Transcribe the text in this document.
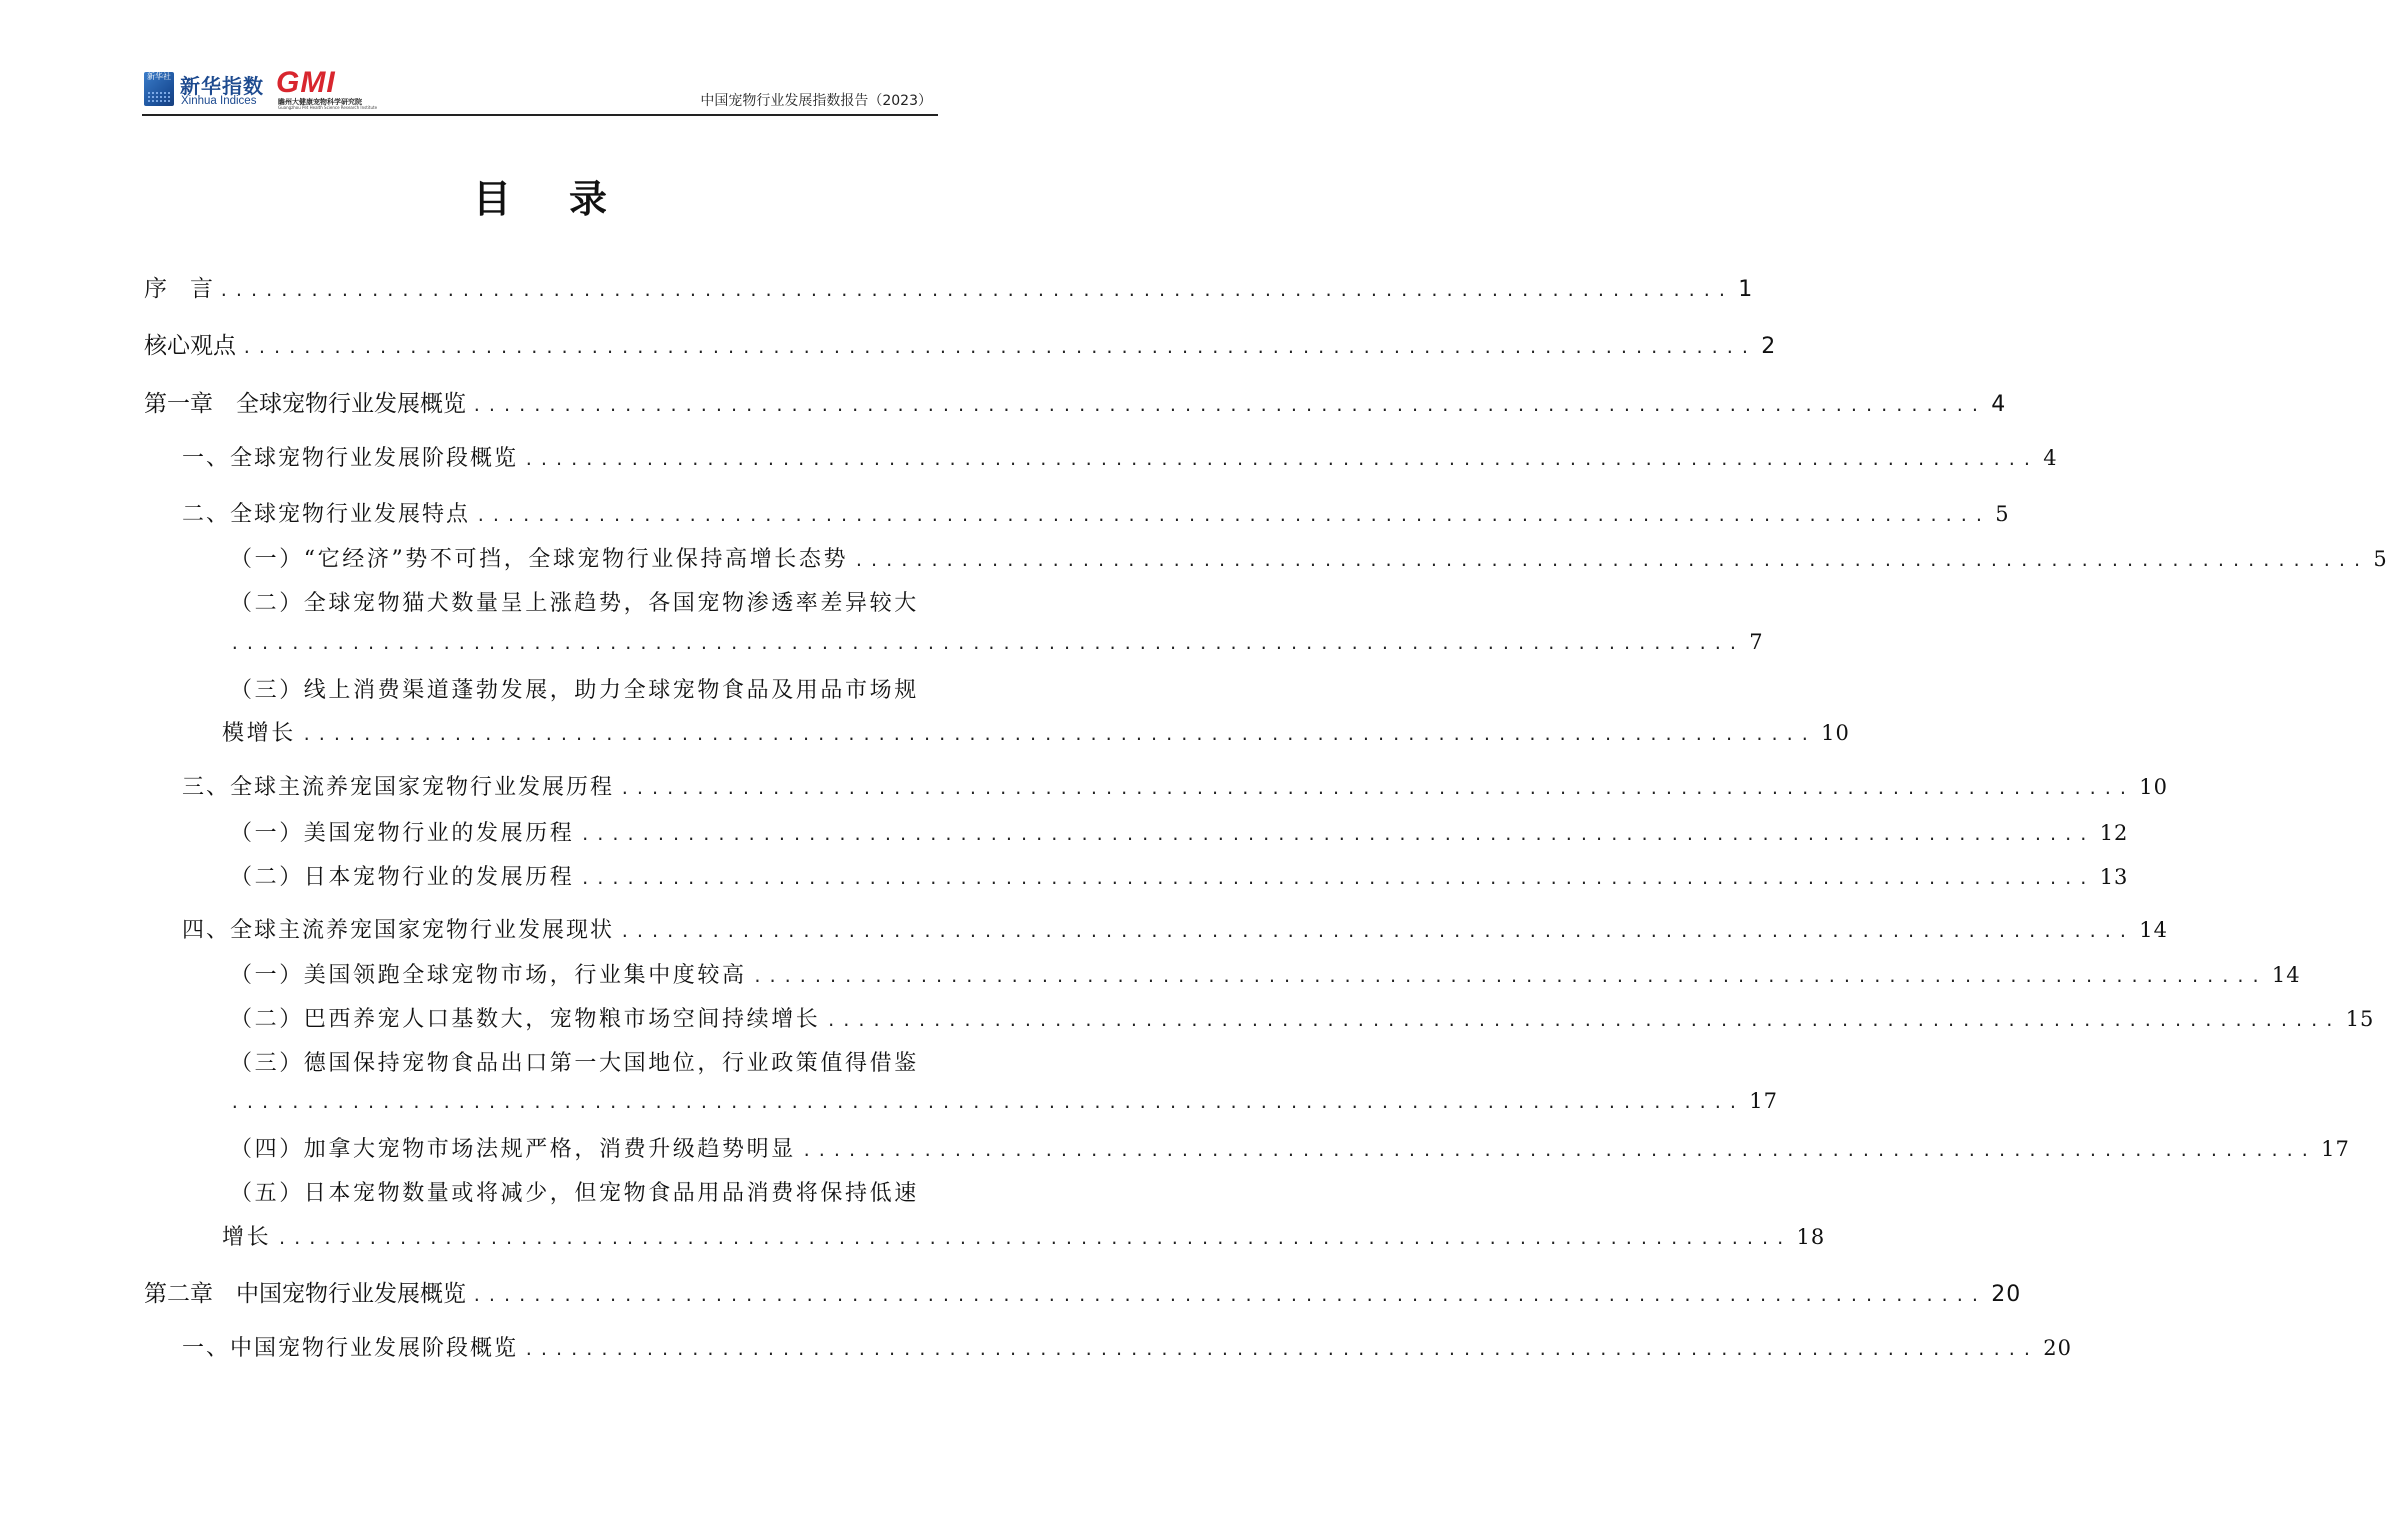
新华社 新华指数
Xinhua Indices
GMI
瞻州大健康宠物科学研究院
Guangzhou Pet Health Science Research Institute	中国宠物行业发展指数报告（2023）
目录
序　言 .................................................................................................... 1
核心观点 .................................................................................................... 2
第一章　全球宠物行业发展概览 .................................................................................................... 4
一、全球宠物行业发展阶段概览 .................................................................................................... 4
二、全球宠物行业发展特点 .................................................................................................... 5
（一）“它经济”势不可挡，全球宠物行业保持高增长态势 .................................................................................................... 5
（二）全球宠物猫犬数量呈上涨趋势，各国宠物渗透率差异较大
.................................................................................................... 7
（三）线上消费渠道蓬勃发展，助力全球宠物食品及用品市场规
模增长 .................................................................................................... 10
三、全球主流养宠国家宠物行业发展历程 .................................................................................................... 10
（一）美国宠物行业的发展历程 .................................................................................................... 12
（二）日本宠物行业的发展历程 .................................................................................................... 13
四、全球主流养宠国家宠物行业发展现状 .................................................................................................... 14
（一）美国领跑全球宠物市场，行业集中度较高 .................................................................................................... 14
（二）巴西养宠人口基数大，宠物粮市场空间持续增长 .................................................................................................... 15
（三）德国保持宠物食品出口第一大国地位，行业政策值得借鉴
.................................................................................................... 17
（四）加拿大宠物市场法规严格，消费升级趋势明显 .................................................................................................... 17
（五）日本宠物数量或将减少，但宠物食品用品消费将保持低速
增长 .................................................................................................... 18
第二章　中国宠物行业发展概览 .................................................................................................... 20
一、中国宠物行业发展阶段概览 .................................................................................................... 20
